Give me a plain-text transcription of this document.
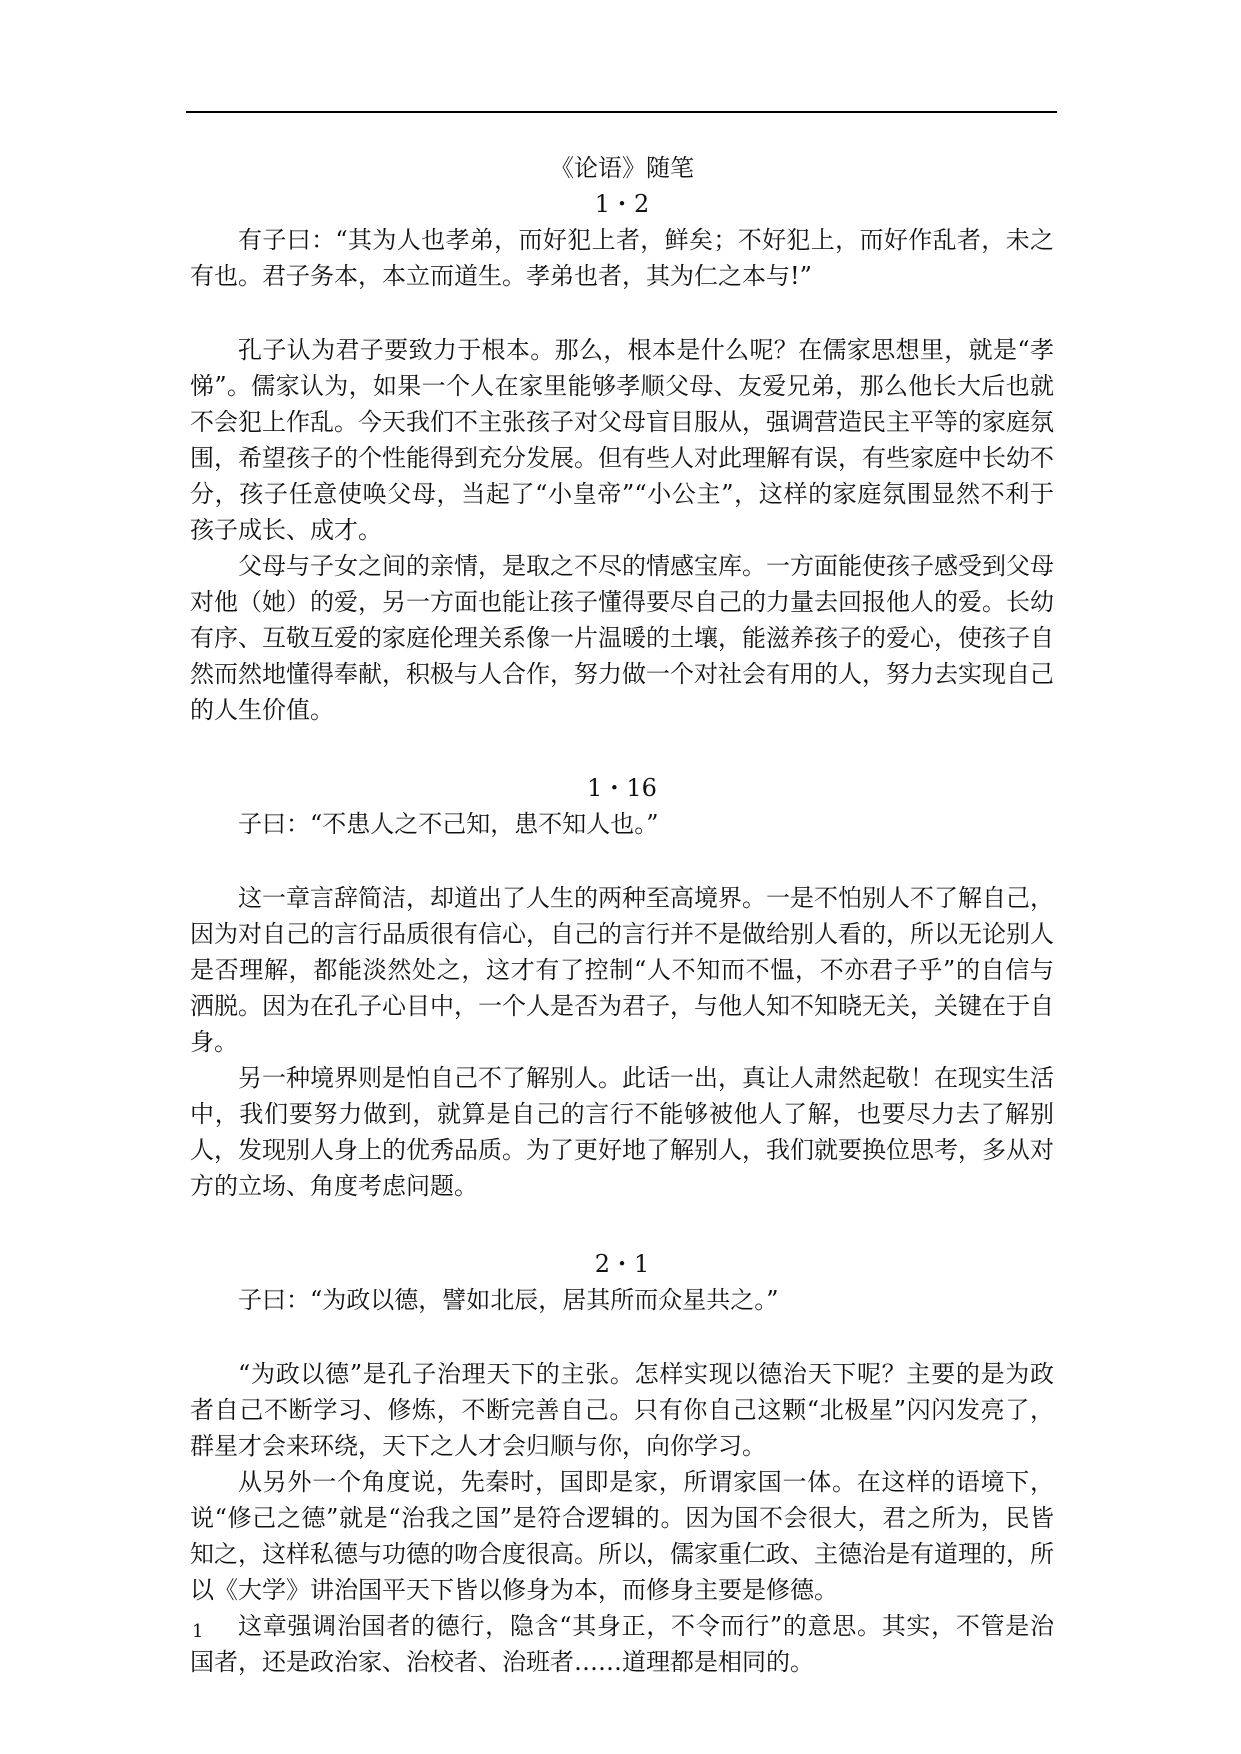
《论语》随笔

1・2

有子曰：“其为人也孝弟，而好犯上者，鲜矣；不好犯上，而好作乱者，未之有也。君子务本，本立而道生。孝弟也者，其为仁之本与!”

孔子认为君子要致力于根本。那么，根本是什么呢？在儒家思想里，就是“孝悌”。儒家认为，如果一个人在家里能够孝顺父母、友爱兄弟，那么他长大后也就不会犯上作乱。今天我们不主张孩子对父母盲目服从，强调营造民主平等的家庭氛围，希望孩子的个性能得到充分发展。但有些人对此理解有误，有些家庭中长幼不分，孩子任意使唤父母，当起了“小皇帝”“小公主”，这样的家庭氛围显然不利于孩子成长、成才。

父母与子女之间的亲情，是取之不尽的情感宝库。一方面能使孩子感受到父母对他（她）的爱，另一方面也能让孩子懂得要尽自己的力量去回报他人的爱。长幼有序、互敬互爱的家庭伦理关系像一片温暖的土壤，能滋养孩子的爱心，使孩子自然而然地懂得奉献，积极与人合作，努力做一个对社会有用的人，努力去实现自己的人生价值。

1・16

子曰：“不患人之不己知，患不知人也。”

这一章言辞简洁，却道出了人生的两种至高境界。一是不怕别人不了解自己，因为对自己的言行品质很有信心，自己的言行并不是做给别人看的，所以无论别人是否理解，都能淡然处之，这才有了控制“人不知而不愠，不亦君子乎”的自信与洒脱。因为在孔子心目中，一个人是否为君子，与他人知不知晓无关，关键在于自身。

另一种境界则是怕自己不了解别人。此话一出，真让人肃然起敬！在现实生活中，我们要努力做到，就算是自己的言行不能够被他人了解，也要尽力去了解别人，发现别人身上的优秀品质。为了更好地了解别人，我们就要换位思考，多从对方的立场、角度考虑问题。

2・1

子曰：“为政以德，譬如北辰，居其所而众星共之。”

“为政以德”是孔子治理天下的主张。怎样实现以德治天下呢？主要的是为政者自己不断学习、修炼，不断完善自己。只有你自己这颗“北极星”闪闪发亮了，群星才会来环绕，天下之人才会归顺与你，向你学习。

从另外一个角度说，先秦时，国即是家，所谓家国一体。在这样的语境下，说“修己之德”就是“治我之国”是符合逻辑的。因为国不会很大，君之所为，民皆知之，这样私德与功德的吻合度很高。所以，儒家重仁政、主德治是有道理的，所以《大学》讲治国平天下皆以修身为本，而修身主要是修德。

这章强调治国者的德行，隐含“其身正，不令而行”的意思。其实，不管是治国者，还是政治家、治校者、治班者……道理都是相同的。

1
